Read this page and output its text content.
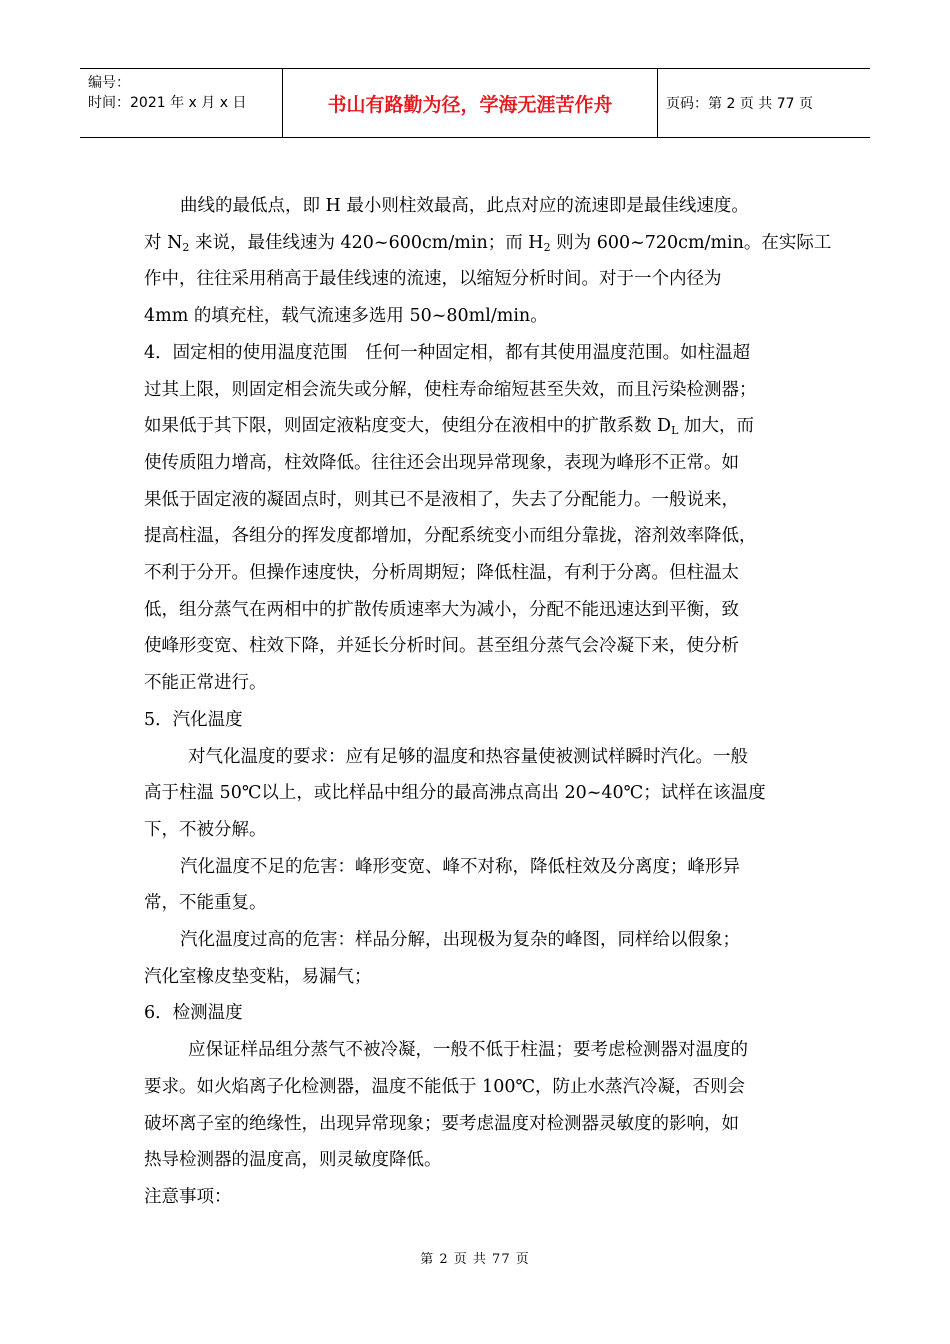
编号：
时间：2021 年 x 月 x 日	书山有路勤为径，学海无涯苦作舟	页码：第 2 页 共 77 页

曲线的最低点，即 H 最小则柱效最高，此点对应的流速即是最佳线速度。

对 $N_2$ 来说，最佳线速为 420~600cm/min；而 $H_2$ 则为 600~720cm/min。在实际工

作中，往往采用稍高于最佳线速的流速，以缩短分析时间。对于一个内径为

4mm 的填充柱，载气流速多选用 50~80ml/min。

4．固定相的使用温度范围　任何一种固定相，都有其使用温度范围。如柱温超

过其上限，则固定相会流失或分解，使柱寿命缩短甚至失效，而且污染检测器；

如果低于其下限，则固定液粘度变大，使组分在液相中的扩散系数 $D_L$ 加大，而

使传质阻力增高，柱效降低。往往还会出现异常现象，表现为峰形不正常。如

果低于固定液的凝固点时，则其已不是液相了，失去了分配能力。一般说来，

提高柱温，各组分的挥发度都增加，分配系统变小而组分靠拢，溶剂效率降低，

不利于分开。但操作速度快，分析周期短；降低柱温，有利于分离。但柱温太

低，组分蒸气在两相中的扩散传质速率大为减小，分配不能迅速达到平衡，致

使峰形变宽、柱效下降，并延长分析时间。甚至组分蒸气会冷凝下来，使分析

不能正常进行。

5．汽化温度

对气化温度的要求：应有足够的温度和热容量使被测试样瞬时汽化。一般

高于柱温 50℃以上，或比样品中组分的最高沸点高出 20~40℃；试样在该温度

下，不被分解。

汽化温度不足的危害：峰形变宽、峰不对称，降低柱效及分离度；峰形异

常，不能重复。

汽化温度过高的危害：样品分解，出现极为复杂的峰图，同样给以假象；

汽化室橡皮垫变粘，易漏气；

6．检测温度

应保证样品组分蒸气不被冷凝，一般不低于柱温；要考虑检测器对温度的

要求。如火焰离子化检测器，温度不能低于 100℃，防止水蒸汽冷凝，否则会

破坏离子室的绝缘性，出现异常现象；要考虑温度对检测器灵敏度的影响，如

热导检测器的温度高，则灵敏度降低。

注意事项：

第 2 页 共 77 页
